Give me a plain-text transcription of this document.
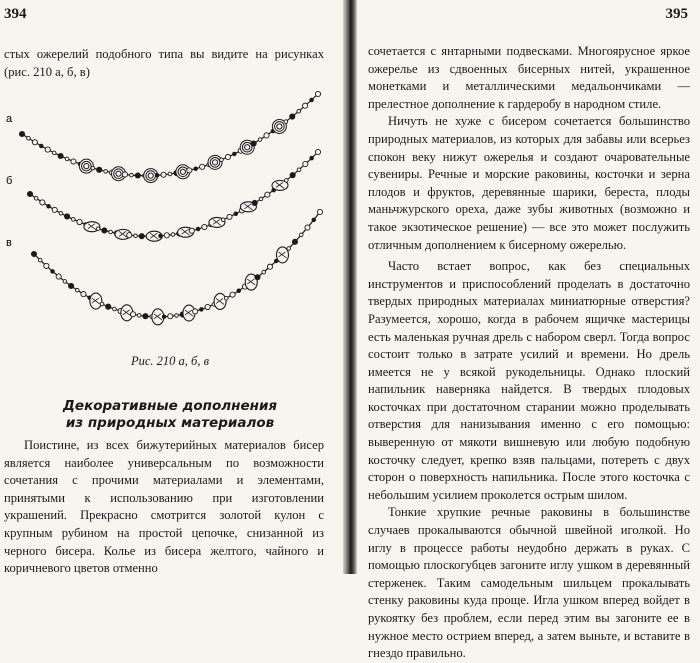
394

стых ожерелий подобного типа вы видите на рисунках (рис. 210 а, б, в)

а
б
в
Рис. 210 а, б, в
Декоративные дополнения
из природных материалов

Поистине, из всех бижутерийных материалов бисер является наиболее универсальным по возможности сочетания с прочими материалами и элементами, принятыми к использованию при изготовлении украшений. Прекрасно смотрится золотой кулон с крупным рубином на простой цепочке, снизанной из черного бисера. Колье из бисера желтого, чайного и коричневого цветов отменно

395

сочетается с янтарными подвесками. Многоярусное яркое ожерелье из сдвоенных бисерных нитей, украшенное монетками и металлическими медальончиками — прелестное дополнение к гардеробу в народном стиле.

Ничуть не хуже с бисером сочетается большинство природных материалов, из которых для забавы или всерьез спокон веку нижут ожерелья и создают очаровательные сувениры. Речные и морские раковины, косточки и зерна плодов и фруктов, деревянные шарики, береста, плоды маньчжурского ореха, даже зубы животных (возможно и такое экзотическое решение) — все это может послужить отличным дополнением к бисерному ожерелью.

Часто встает вопрос, как без специальных инструментов и приспособлений проделать в достаточно твердых природных материалах миниатюрные отверстия? Разумеется, хорошо, когда в рабочем ящичке мастерицы есть маленькая ручная дрель с набором сверл. Тогда вопрос состоит только в затрате усилий и времени. Но дрель имеется не у всякой рукодельницы. Однако плоский напильник наверняка найдется. В твердых плодовых косточках при достаточном старании можно проделывать отверстия для нанизывания именно с его помощью: выверенную от мякоти вишневую или любую подобную косточку следует, крепко взяв пальцами, потереть с двух сторон о поверхность напильника. После этого косточка с небольшим усилием проколется острым шилом.

Тонкие хрупкие речные раковины в большинстве случаев прокалываются обычной швейной иголкой. Но иглу в процессе работы неудобно держать в руках. С помощью плоскогубцев загоните иглу ушком в деревянный стерженек. Таким самодельным шильцем прокалывать стенку раковины куда проще. Игла ушком вперед войдет в рукоятку без проблем, если перед этим вы загоните ее в нужное место острием вперед, а затем выньте, и вставите в гнездо правильно.
